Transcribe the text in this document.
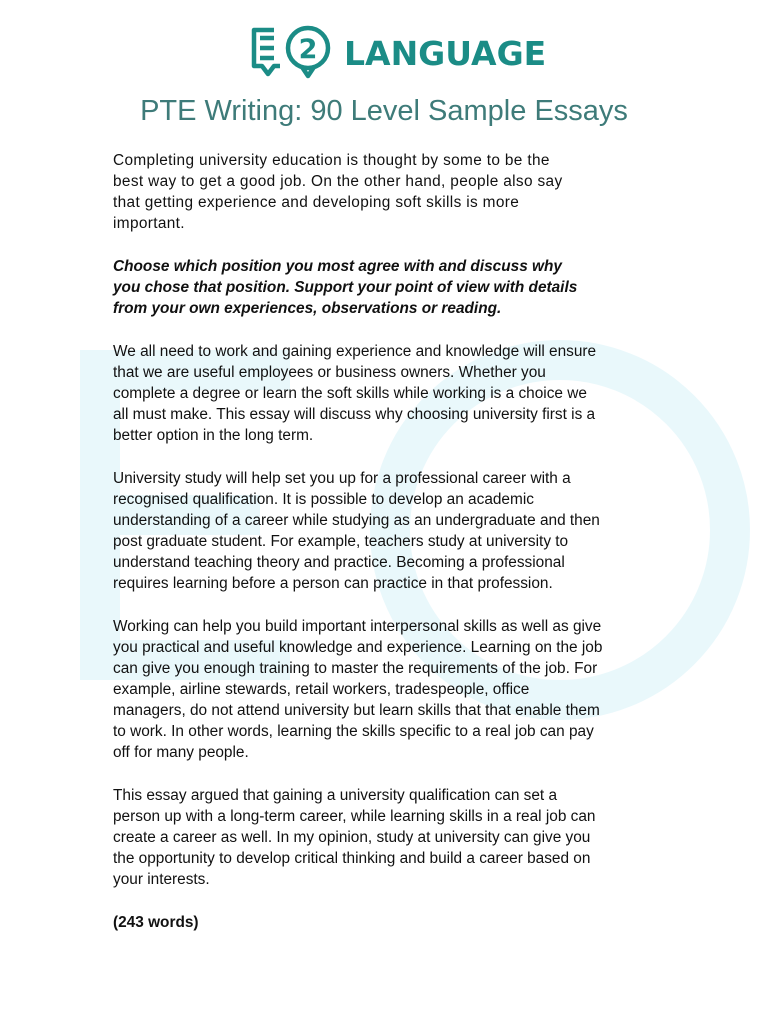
2 LANGUAGE
PTE Writing: 90 Level Sample Essays

Completing university education is thought by some to be the
best way to get a good job. On the other hand, people also say
that getting experience and developing soft skills is more
important.

Choose which position you most agree with and discuss why
you chose that position. Support your point of view with details
from your own experiences, observations or reading.

We all need to work and gaining experience and knowledge will ensure
that we are useful employees or business owners. Whether you
complete a degree or learn the soft skills while working is a choice we
all must make. This essay will discuss why choosing university first is a
better option in the long term.

University study will help set you up for a professional career with a
recognised qualification. It is possible to develop an academic
understanding of a career while studying as an undergraduate and then
post graduate student. For example, teachers study at university to
understand teaching theory and practice. Becoming a professional
requires learning before a person can practice in that profession.

Working can help you build important interpersonal skills as well as give
you practical and useful knowledge and experience. Learning on the job
can give you enough training to master the requirements of the job. For
example, airline stewards, retail workers, tradespeople, office
managers, do not attend university but learn skills that that enable them
to work. In other words, learning the skills specific to a real job can pay
off for many people.

This essay argued that gaining a university qualification can set a
person up with a long-term career, while learning skills in a real job can
create a career as well. In my opinion, study at university can give you
the opportunity to develop critical thinking and build a career based on
your interests.

(243 words)
